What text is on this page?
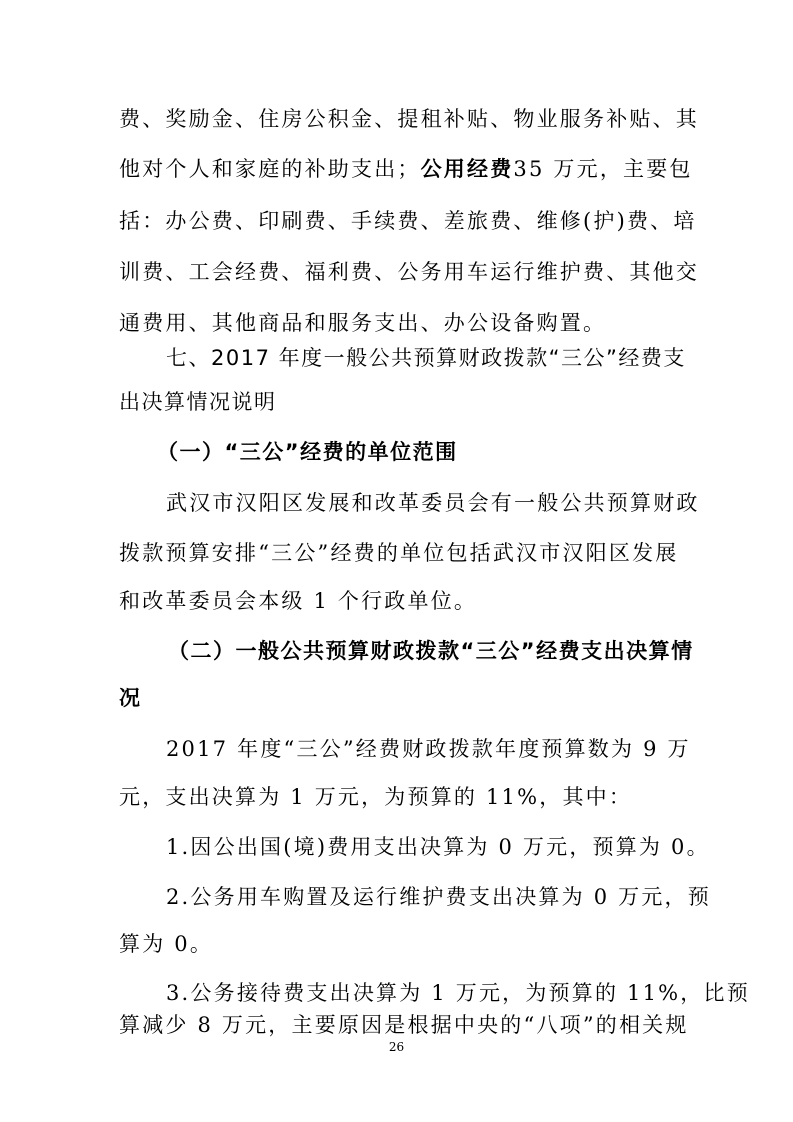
费、奖励金、住房公积金、提租补贴、物业服务补贴、其
他对个人和家庭的补助支出；公用经费35 万元，主要包
括：办公费、印刷费、手续费、差旅费、维修(护)费、培
训费、工会经费、福利费、公务用车运行维护费、其他交
通费用、其他商品和服务支出、办公设备购置。
七、2017 年度一般公共预算财政拨款“三公”经费支
出决算情况说明
（一）“三公”经费的单位范围
武汉市汉阳区发展和改革委员会有一般公共预算财政
拨款预算安排“三公”经费的单位包括武汉市汉阳区发展
和改革委员会本级 1 个行政单位。
（二）一般公共预算财政拨款“三公”经费支出决算情
况
2017 年度“三公”经费财政拨款年度预算数为 9 万
元，支出决算为 1 万元，为预算的 11%，其中：
1.因公出国(境)费用支出决算为 0 万元，预算为 0。
2.公务用车购置及运行维护费支出决算为 0 万元，预
算为 0。
3.公务接待费支出决算为 1 万元，为预算的 11%，比预
26
算减少 8 万元，主要原因是根据中央的“八项”的相关规
